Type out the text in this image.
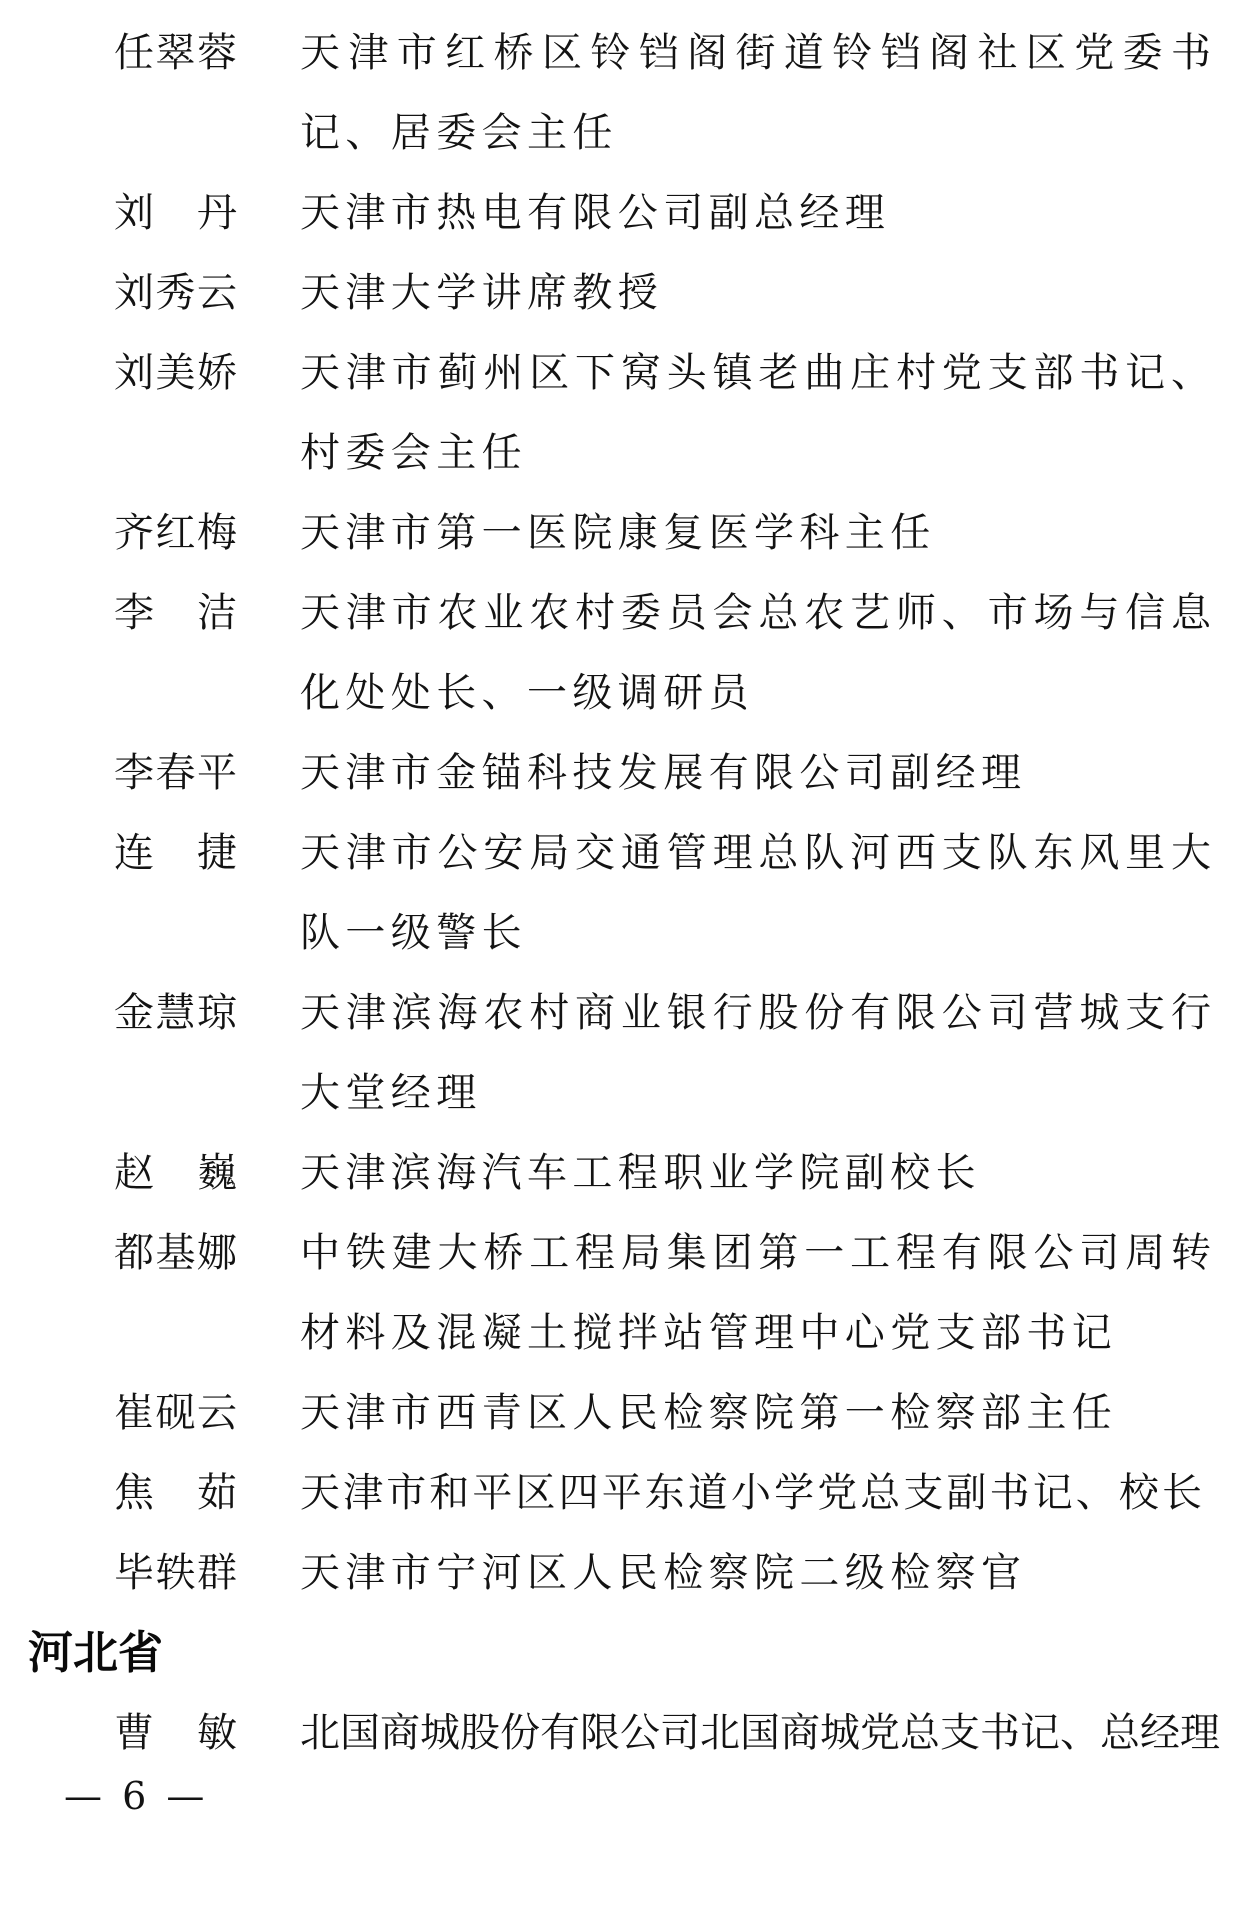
任翠蓉 天津市红桥区铃铛阁街道铃铛阁社区党委书
记、居委会主任
刘　丹 天津市热电有限公司副总经理
刘秀云 天津大学讲席教授
刘美娇 天津市蓟州区下窝头镇老曲庄村党支部书记、
村委会主任
齐红梅 天津市第一医院康复医学科主任
李　洁 天津市农业农村委员会总农艺师、市场与信息
化处处长、一级调研员
李春平 天津市金锚科技发展有限公司副经理
连　捷 天津市公安局交通管理总队河西支队东风里大
队一级警长
金慧琼 天津滨海农村商业银行股份有限公司营城支行
大堂经理
赵　巍 天津滨海汽车工程职业学院副校长
都基娜 中铁建大桥工程局集团第一工程有限公司周转
材料及混凝土搅拌站管理中心党支部书记
崔砚云 天津市西青区人民检察院第一检察部主任
焦　茹 天津市和平区四平东道小学党总支副书记、校长
毕轶群 天津市宁河区人民检察院二级检察官
河北省
曹　敏 北国商城股份有限公司北国商城党总支书记、总经理
— 6 —
